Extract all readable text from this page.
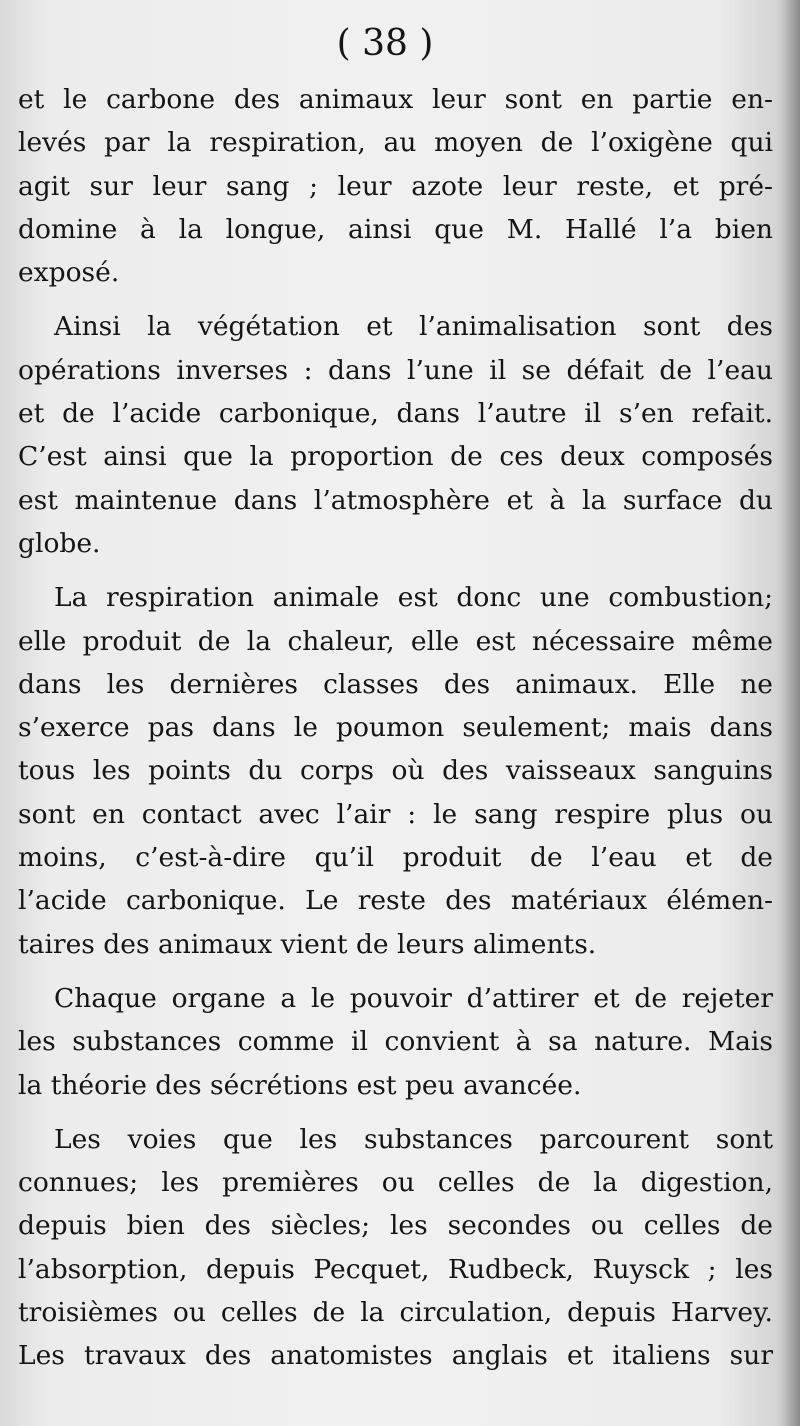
( 38 )
et le carbone des animaux leur sont en partie en-
levés par la respiration, au moyen de l’oxigène qui
agit sur leur sang ; leur azote leur reste, et pré-
domine à la longue, ainsi que M. Hallé l’a bien
exposé.
Ainsi la végétation et l’animalisation sont des
opérations inverses : dans l’une il se défait de l’eau
et de l’acide carbonique, dans l’autre il s’en refait.
C’est ainsi que la proportion de ces deux composés
est maintenue dans l’atmosphère et à la surface du
globe.
La respiration animale est donc une combustion;
elle produit de la chaleur, elle est nécessaire même
dans les dernières classes des animaux. Elle ne
s’exerce pas dans le poumon seulement; mais dans
tous les points du corps où des vaisseaux sanguins
sont en contact avec l’air : le sang respire plus ou
moins, c’est-à-dire qu’il produit de l’eau et de
l’acide carbonique. Le reste des matériaux élémen-
taires des animaux vient de leurs aliments.
Chaque organe a le pouvoir d’attirer et de rejeter
les substances comme il convient à sa nature. Mais
la théorie des sécrétions est peu avancée.
Les voies que les substances parcourent sont
connues; les premières ou celles de la digestion,
depuis bien des siècles; les secondes ou celles de
l’absorption, depuis Pecquet, Rudbeck, Ruysck ; les
troisièmes ou celles de la circulation, depuis Harvey.
Les travaux des anatomistes anglais et italiens sur
